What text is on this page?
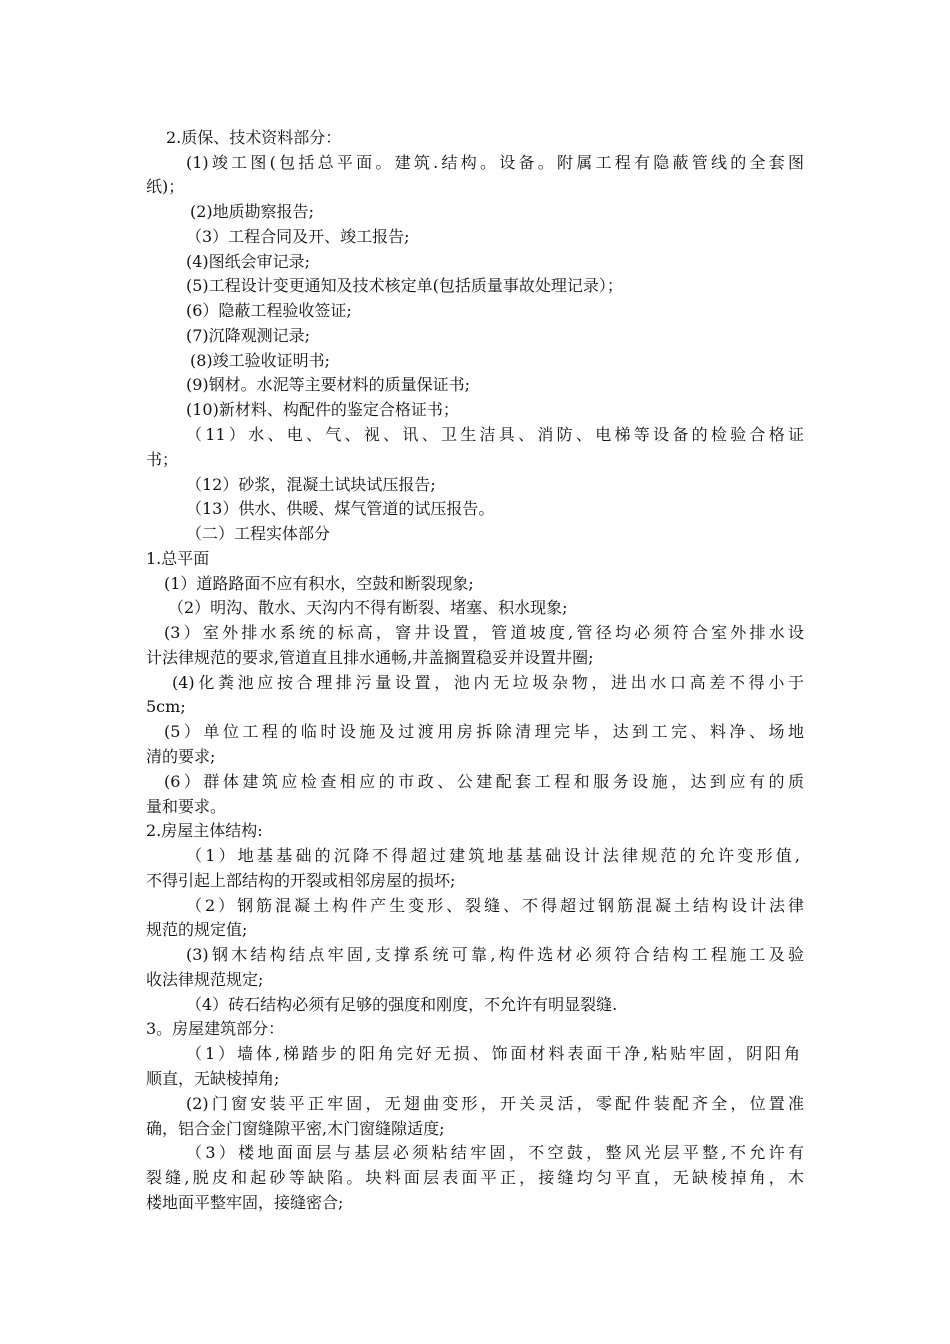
2.质保、技术资料部分：
(1)竣工图(包括总平面。建筑.结构。设备。附属工程有隐蔽管线的全套图
纸)；
(2)地质勘察报告;
（3）工程合同及开、竣工报告;
(4)图纸会审记录;
(5)工程设计变更通知及技术核定单(包括质量事故处理记录）；
(6）隐蔽工程验收签证;
(7)沉降观测记录;
(8)竣工验收证明书;
(9)钢材。水泥等主要材料的质量保证书;
(10)新材料、构配件的鉴定合格证书；
（11）水、电、气、视、讯、卫生洁具、消防、电梯等设备的检验合格证
书；
（12）砂浆，混凝土试块试压报告;
（13）供水、供暖、煤气管道的试压报告。
（二）工程实体部分
1.总平面
(1）道路路面不应有积水，空鼓和断裂现象;
（2）明沟、散水、天沟内不得有断裂、堵塞、积水现象;
(3）室外排水系统的标高，窨井设置，管道坡度,管径均必须符合室外排水设
计法律规范的要求,管道直且排水通畅,井盖搁置稳妥并设置井圈;
(4)化粪池应按合理排污量设置，池内无垃圾杂物，进出水口高差不得小于
5cm;
(5）单位工程的临时设施及过渡用房拆除清理完毕，达到工完、料净、场地
清的要求;
(6）群体建筑应检查相应的市政、公建配套工程和服务设施，达到应有的质
量和要求。
2.房屋主体结构:
（1）地基基础的沉降不得超过建筑地基基础设计法律规范的允许变形值,
不得引起上部结构的开裂或相邻房屋的损坏;
（2）钢筋混凝土构件产生变形、裂缝、不得超过钢筋混凝土结构设计法律
规范的规定值;
(3)钢木结构结点牢固,支撑系统可靠,构件选材必须符合结构工程施工及验
收法律规范规定;
（4）砖石结构必须有足够的强度和刚度，不允许有明显裂缝.
3。房屋建筑部分：
（1）墙体,梯踏步的阳角完好无损、饰面材料表面干净,粘贴牢固，阴阳角
顺直，无缺棱掉角;
(2)门窗安装平正牢固，无翅曲变形，开关灵活，零配件装配齐全，位置准
确，铝合金门窗缝隙平密,木门窗缝隙适度;
（3）楼地面面层与基层必须粘结牢固，不空鼓，整风光层平整,不允许有
裂缝,脱皮和起砂等缺陷。块料面层表面平正，接缝均匀平直，无缺棱掉角，木
楼地面平整牢固，接缝密合;
